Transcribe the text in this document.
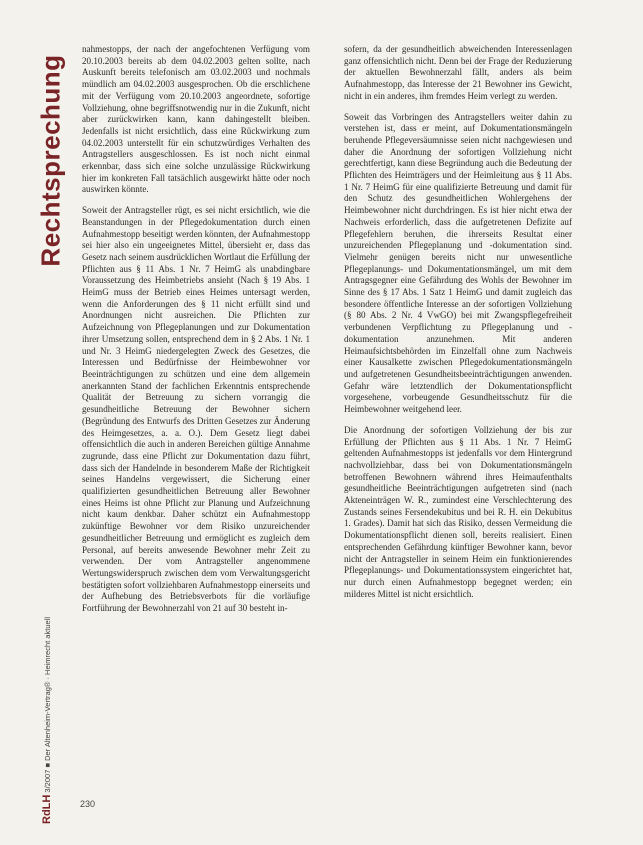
Rechtsprechung
RdLH 3/2007 ■ Der Altenheim-Vertrag® · Heimrecht aktuell
230

nahmestopps, der nach der angefochtenen Verfügung vom 20.10.2003 bereits ab dem 04.02.2003 gelten sollte, nach Auskunft bereits telefonisch am 03.02.2003 und nochmals mündlich am 04.02.2003 ausgesprochen. Ob die erschlichene mit der Verfügung vom 20.10.2003 angeordnete, sofortige Vollziehung, ohne begriffsnotwendig nur in die Zukunft, nicht aber zurückwirken kann, kann dahingestellt bleiben. Jedenfalls ist nicht ersichtlich, dass eine Rückwirkung zum 04.02.2003 unterstellt für ein schutzwürdiges Verhalten des Antragstellers ausgeschlossen. Es ist noch nicht einmal erkennbar, dass sich eine solche unzulässige Rückwirkung hier im konkreten Fall tatsächlich ausgewirkt hätte oder noch auswirken könnte.

Soweit der Antragsteller rügt, es sei nicht ersichtlich, wie die Beanstandungen in der Pflegedokumentation durch einen Aufnahmestopp beseitigt werden könnten, der Aufnahmestopp sei hier also ein ungeeignetes Mittel, übersieht er, dass das Gesetz nach seinem ausdrücklichen Wortlaut die Erfüllung der Pflichten aus § 11 Abs. 1 Nr. 7 HeimG als unabdingbare Voraussetzung des Heimbetriebs ansieht (Nach § 19 Abs. 1 HeimG muss der Betrieb eines Heimes untersagt werden, wenn die Anforderungen des § 11 nicht erfüllt sind und Anordnungen nicht ausreichen. Die Pflichten zur Aufzeichnung von Pflegeplanungen und zur Dokumentation ihrer Umsetzung sollen, entsprechend dem in § 2 Abs. 1 Nr. 1 und Nr. 3 HeimG niedergelegten Zweck des Gesetzes, die Interessen und Bedürfnisse der Heimbewohner vor Beeinträchtigungen zu schützen und eine dem allgemein anerkannten Stand der fachlichen Erkenntnis entsprechende Qualität der Betreuung zu sichern vorrangig die gesundheitliche Betreuung der Bewohner sichern (Begründung des Entwurfs des Dritten Gesetzes zur Änderung des Heimgesetzes, a. a. O.). Dem Gesetz liegt dabei offensichtlich die auch in anderen Bereichen gültige Annahme zugrunde, dass eine Pflicht zur Dokumentation dazu führt, dass sich der Handelnde in besonderem Maße der Richtigkeit seines Handelns vergewissert, die Sicherung einer qualifizierten gesundheitlichen Betreuung aller Bewohner eines Heims ist ohne Pflicht zur Planung und Aufzeichnung nicht kaum denkbar. Daher schützt ein Aufnahmestopp zukünftige Bewohner vor dem Risiko unzureichender gesundheitlicher Betreuung und ermöglicht es zugleich dem Personal, auf bereits anwesende Bewohner mehr Zeit zu verwenden. Der vom Antragsteller angenommene Wertungswiderspruch zwischen dem vom Verwaltungsgericht bestätigten sofort vollziehbaren Aufnahmestopp einerseits und der Aufhebung des Betriebsverbots für die vorläufige Fortführung der Bewohnerzahl von 21 auf 30 besteht in-

sofern, da der gesundheitlich abweichenden Interessenlagen ganz offensichtlich nicht. Denn bei der Frage der Reduzierung der aktuellen Bewohnerzahl fällt, anders als beim Aufnahmestopp, das Interesse der 21 Bewohner ins Gewicht, nicht in ein anderes, ihm fremdes Heim verlegt zu werden.

Soweit das Vorbringen des Antragstellers weiter dahin zu verstehen ist, dass er meint, auf Dokumentationsmängeln beruhende Pflegeversäumnisse seien nicht nachgewiesen und daher die Anordnung der sofortigen Vollziehung nicht gerechtfertigt, kann diese Begründung auch die Bedeutung der Pflichten des Heimträgers und der Heimleitung aus § 11 Abs. 1 Nr. 7 HeimG für eine qualifizierte Betreuung und damit für den Schutz des gesundheitlichen Wohlergehens der Heimbewohner nicht durchdringen. Es ist hier nicht etwa der Nachweis erforderlich, dass die aufgetretenen Defizite auf Pflegefehlern beruhen, die ihrerseits Resultat einer unzureichenden Pflegeplanung und -dokumentation sind. Vielmehr genügen bereits nicht nur unwesentliche Pflegeplanungs- und Dokumentationsmängel, um mit dem Antragsgegner eine Gefährdung des Wohls der Bewohner im Sinne des § 17 Abs. 1 Satz 1 HeimG und damit zugleich das besondere öffentliche Interesse an der sofortigen Vollziehung (§ 80 Abs. 2 Nr. 4 VwGO) bei mit Zwangspflegefreiheit verbundenen Verpflichtung zu Pflegeplanung und -dokumentation anzunehmen. Mit anderen Heimaufsichtsbehörden im Einzelfall ohne zum Nachweis einer Kausalkette zwischen Pflegedokumentationsmängeln und aufgetretenen Gesundheitsbeeinträchtigungen anwenden. Gefahr wäre letztendlich der Dokumentationspflicht vorgesehene, vorbeugende Gesundheitsschutz für die Heimbewohner weitgehend leer.

Die Anordnung der sofortigen Vollziehung der bis zur Erfüllung der Pflichten aus § 11 Abs. 1 Nr. 7 HeimG geltenden Aufnahmestopps ist jedenfalls vor dem Hintergrund nachvollziehbar, dass bei von Dokumentationsmängeln betroffenen Bewohnern während ihres Heimaufenthalts gesundheitliche Beeinträchtigungen aufgetreten sind (nach Akteneinträgen W. R., zumindest eine Verschlechterung des Zustands seines Fersendekubitus und bei R. H. ein Dekubitus 1. Grades). Damit hat sich das Risiko, dessen Vermeidung die Dokumentationspflicht dienen soll, bereits realisiert. Einen entsprechenden Gefährdung künftiger Bewohner kann, bevor nicht der Antragsteller in seinem Heim ein funktionierendes Pflegeplanungs- und Dokumentationssystem eingerichtet hat, nur durch einen Aufnahmestopp begegnet werden; ein milderes Mittel ist nicht ersichtlich.
